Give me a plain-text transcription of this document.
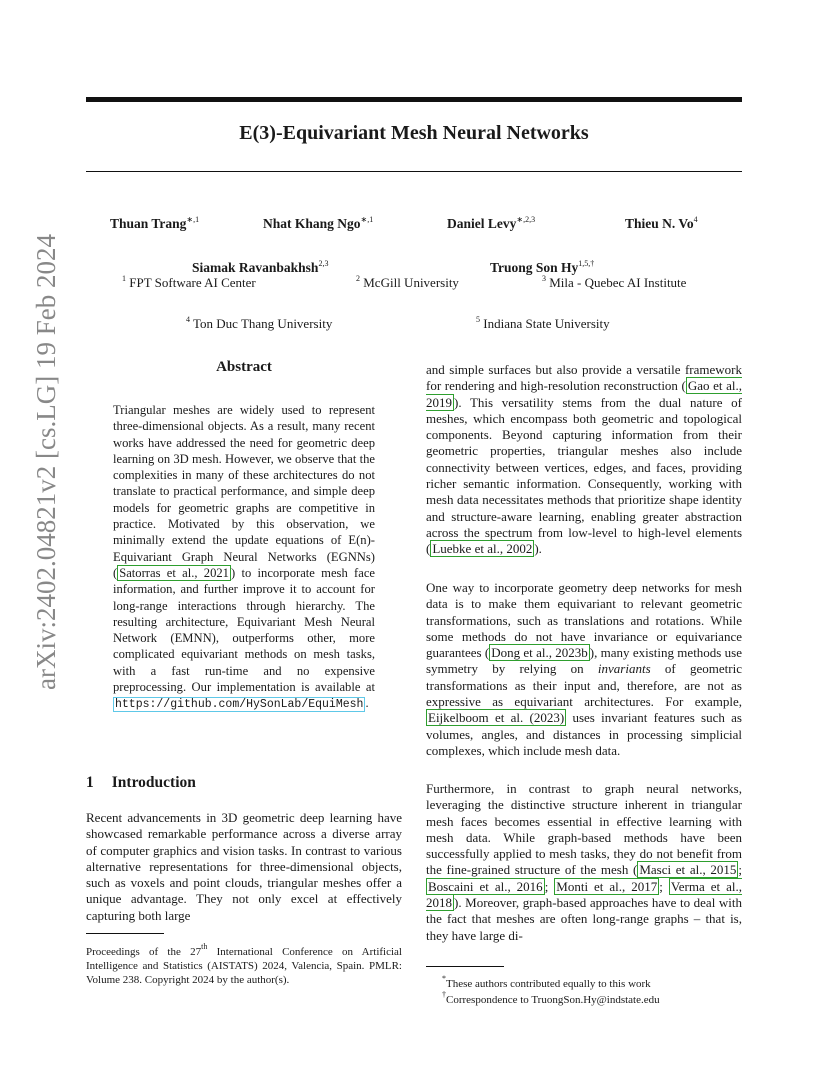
arXiv:2402.04821v2 [cs.LG] 19 Feb 2024
E(3)-Equivariant Mesh Neural Networks
Thuan Trang$^{∗,1}$	Nhat Khang Ngo$^{∗,1}$	Daniel Levy$^{∗,2,3}$	Thieu N. Vo$^4$
Siamak Ravanbakhsh$^{2,3}$	Truong Son $Hy^{1,5,\dagger}$
$^1$ FPT Software AI Center	$^2$ McGill University	$^3$ Mila - Quebec AI Institute
$^4$ Ton Duc Thang University	$^5$ Indiana State University
Abstract
Triangular meshes are widely used to represent three-dimensional objects. As a result, many recent works have addressed the need for geometric deep learning on 3D mesh. However, we observe that the complexities in many of these architectures do not translate to practical performance, and simple deep models for geometric graphs are competitive in practice. Motivated by this observation, we minimally extend the update equations of E(n)-Equivariant Graph Neural Networks (EGNNs) ( Satorras et al., 2021 ) to incorporate mesh face information, and further improve it to account for long-range interactions through hierarchy. The resulting architecture, Equivariant Mesh Neural Network (EMNN), outperforms other, more complicated equivariant methods on mesh tasks, with a fast run-time and no expensive preprocessing. Our implementation is available at https://github.com/HySonLab/EquiMesh .
1 Introduction
Recent advancements in 3D geometric deep learning have showcased remarkable performance across a diverse array of computer graphics and vision tasks. In contrast to various alternative representations for three-dimensional objects, such as voxels and point clouds, triangular meshes offer a unique advantage. They not only excel at effectively capturing both large
Proceedings of the 27th International Conference on Artificial Intelligence and Statistics (AISTATS) 2024, Valencia, Spain. PMLR: Volume 238. Copyright 2024 by the author(s).
and simple surfaces but also provide a versatile framework for rendering and high-resolution reconstruction ( Gao et al., 2019 ). This versatility stems from the dual nature of meshes, which encompass both geometric and topological components. Beyond capturing information from their geometric properties, triangular meshes also include connectivity between vertices, edges, and faces, providing richer semantic information. Consequently, working with mesh data necessitates methods that prioritize shape identity and structure-aware learning, enabling greater abstraction across the spectrum from low-level to high-level elements ( Luebke et al., 2002 ).
One way to incorporate geometry deep networks for mesh data is to make them equivariant to relevant geometric transformations, such as translations and rotations. While some methods do not have invariance or equivariance guarantees ( Dong et al., 2023b ), many existing methods use symmetry by relying on invariants of geometric transformations as their input and, therefore, are not as expressive as equivariant architectures. For example, Eijkelboom et al. (2023) uses invariant features such as volumes, angles, and distances in processing simplicial complexes, which include mesh data.
Furthermore, in contrast to graph neural networks, leveraging the distinctive structure inherent in triangular mesh faces becomes essential in effective learning with mesh data. While graph-based methods have been successfully applied to mesh tasks, they do not benefit from the fine-grained structure of the mesh ( Masci et al., 2015 ; Boscaini et al., 2016 ; Monti et al., 2017 ; Verma et al., 2018 ). Moreover, graph-based approaches have to deal with the fact that meshes are often long-range graphs – that is, they have large di-
*These authors contributed equally to this work
†Correspondence to TruongSon.Hy@indstate.edu
